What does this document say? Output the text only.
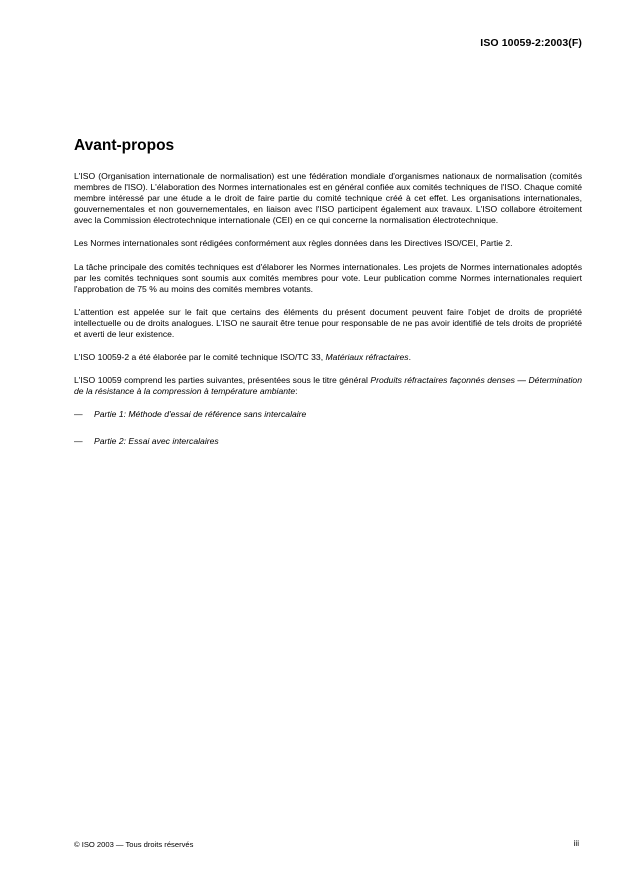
ISO 10059-2:2003(F)
Avant-propos

L'ISO (Organisation internationale de normalisation) est une fédération mondiale d'organismes nationaux de normalisation (comités membres de l'ISO). L'élaboration des Normes internationales est en général confiée aux comités techniques de l'ISO. Chaque comité membre intéressé par une étude a le droit de faire partie du comité technique créé à cet effet. Les organisations internationales, gouvernementales et non gouvernementales, en liaison avec l'ISO participent également aux travaux. L'ISO collabore étroitement avec la Commission électrotechnique internationale (CEI) en ce qui concerne la normalisation électrotechnique.

Les Normes internationales sont rédigées conformément aux règles données dans les Directives ISO/CEI, Partie 2.

La tâche principale des comités techniques est d'élaborer les Normes internationales. Les projets de Normes internationales adoptés par les comités techniques sont soumis aux comités membres pour vote. Leur publication comme Normes internationales requiert l'approbation de 75 % au moins des comités membres votants.

L'attention est appelée sur le fait que certains des éléments du présent document peuvent faire l'objet de droits de propriété intellectuelle ou de droits analogues. L'ISO ne saurait être tenue pour responsable de ne pas avoir identifié de tels droits de propriété et averti de leur existence.

L'ISO 10059-2 a été élaborée par le comité technique ISO/TC 33, Matériaux réfractaires.

L'ISO 10059 comprend les parties suivantes, présentées sous le titre général Produits réfractaires façonnés denses — Détermination de la résistance à la compression à température ambiante:

—	Partie 1: Méthode d'essai de référence sans intercalaire
—	Partie 2: Essai avec intercalaires
© ISO 2003 — Tous droits réservés	iii
